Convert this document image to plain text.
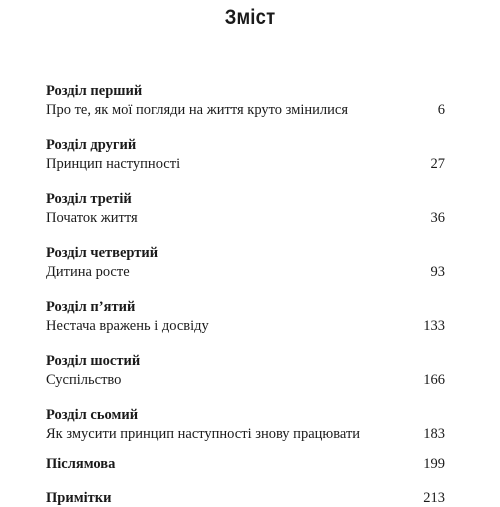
Зміст
Розділ перший
Про те, як мої погляди на життя круто змінилися	6
Розділ другий
Принцип наступності	27
Розділ третій
Початок життя	36
Розділ четвертий
Дитина росте	93
Розділ п’ятий
Нестача вражень і досвіду	133
Розділ шостий
Суспільство	166
Розділ сьомий
Як змусити принцип наступності знову працювати	183
Післямова	199
Примітки	213
